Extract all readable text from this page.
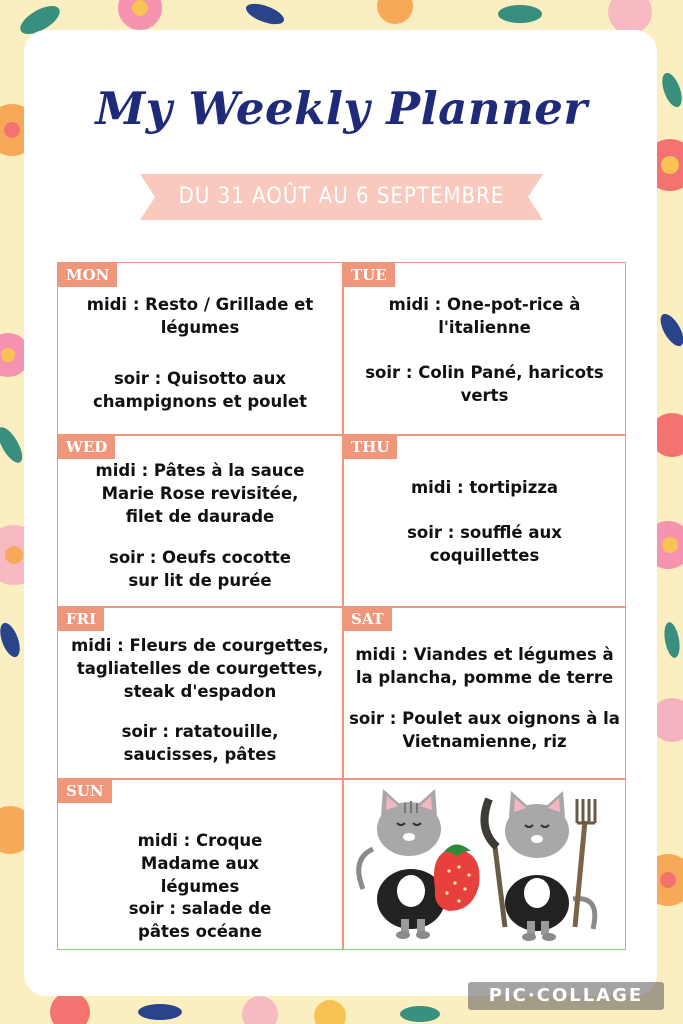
My Weekly Planner
DU 31 AOÛT AU 6 SEPTEMBRE
MON
midi : Resto / Grillade et légumes
soir : Quisotto aux champignons et poulet
TUE
midi : One-pot-rice à l'italienne
soir : Colin Pané, haricots verts
WED
midi : Pâtes à la sauce Marie Rose revisitée, filet de daurade
soir : Oeufs cocotte sur lit de purée
THU
midi : tortipizza
soir : soufflé aux coquillettes
FRI
midi : Fleurs de courgettes, tagliatelles de courgettes, steak d'espadon
soir : ratatouille, saucisses, pâtes
SAT
midi : Viandes et légumes à la plancha, pomme de terre
soir : Poulet aux oignons à la Vietnamienne, riz
SUN
midi : Croque Madame aux légumes
soir : salade de pâtes océane
PIC·COLLAGE
